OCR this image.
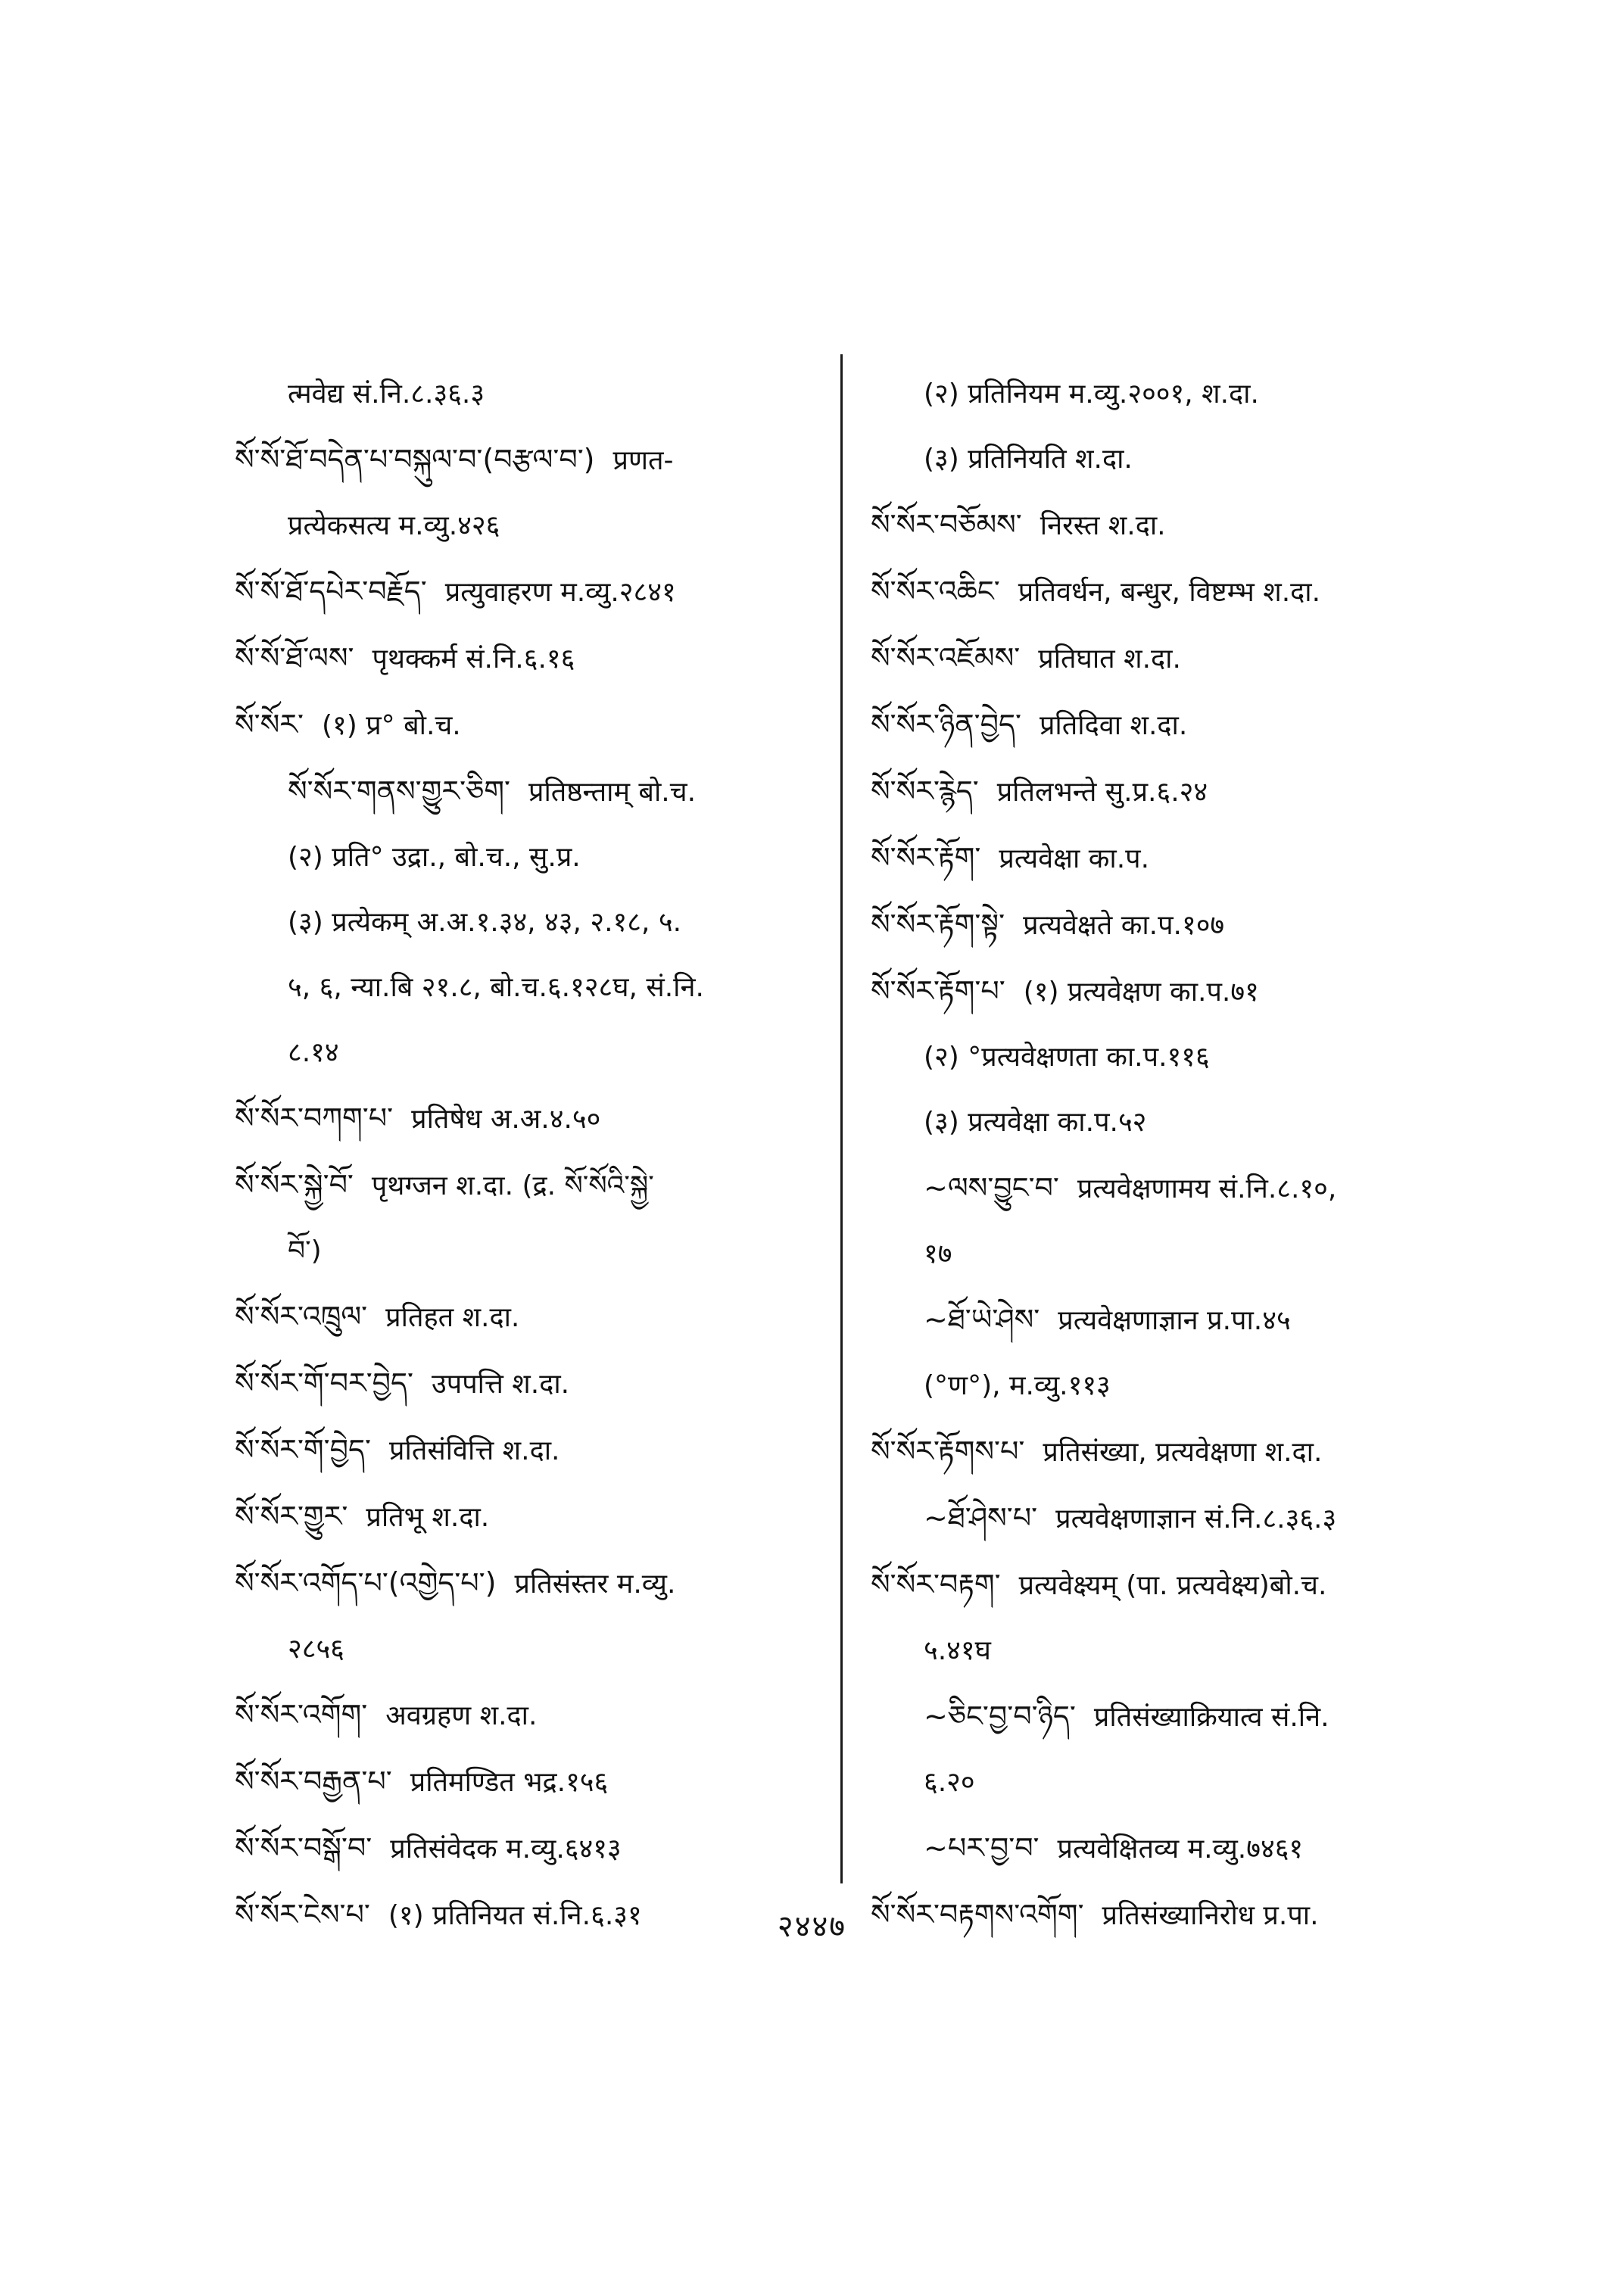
त्मवेद्य सं.नि.८.३६.३
སོ་སོ་ཐོ་བདེན་པ་བསྐུལ་བ་(བརྩལ་བ་) प्रणत-
प्रत्येकसत्य म.व्यु.४२६
སོ་སོ་ཐོ་དཔེར་བརྗོད་ प्रत्युवाहरण म.व्यु.२८४१
སོ་སོ་ཐོ་ལས་ पृथक्कर्म सं.नि.६.१६
སོ་སོར་ (१) प्र° बो.च.
སོ་སོར་གནས་གྱུར་ཅིག་ प्रतिष्ठन्ताम् बो.च.
(२) प्रति° उद्रा., बो.च., सु.प्र.
(३) प्रत्येकम् अ.अ.१.३४, ४३, २.१८, ५.
५, ६, न्या.बि २१.८, बो.च.६.१२८घ, सं.नि.
८.१४
སོ་སོར་བཀག་པ་ प्रतिषेध अ.अ.४.५०
སོ་སོར་སྐྱེ་བོ་ पृथग्जन श.दा. (द्र. སོ་སོའི་སྐྱེ་
བོ་)
སོ་སོར་འཁྲུལ་ प्रतिहत श.दा.
སོ་སོར་གོ་བར་བྱེད་ उपपत्ति श.दा.
སོ་སོར་གོ་བྱེད་ प्रतिसंवित्ति श.दा.
སོ་སོར་གྱུར་ प्रतिभू श.दा.
སོ་སོར་འགོད་པ་(འགྱེད་པ་) प्रतिसंस्तर म.व्यु.
२८५६
སོ་སོར་འགོག་ अवग्रहण श.दा.
སོ་སོར་བརྒྱན་པ་ प्रतिमण्डित भद्र.१५६
སོ་སོར་བསྒོ་བ་ प्रतिसंवेदक म.व्यु.६४१३
སོ་སོར་ངེས་པ་ (१) प्रतिनियत सं.नि.६.३१
(२) प्रतिनियम म.व्यु.२००१, श.दा.
(३) प्रतिनियति श.दा.
སོ་སོར་བཅོམས་ निरस्त श.दा.
སོ་སོར་འཆིང་ प्रतिवर्धन, बन्धुर, विष्टम्भ श.दा.
སོ་སོར་འཇོམས་ प्रतिघात श.दा.
སོ་སོར་ཉིན་བྱེད་ प्रतिदिवा श.दा.
སོ་སོར་རྙེད་ प्रतिलभन्ते सु.प्र.६.२४
སོ་སོར་རྟོག་ प्रत्यवेक्षा का.प.
སོ་སོར་རྟོག་སྟེ་ प्रत्यवेक्षते का.प.१०७
སོ་སོར་རྟོག་པ་ (१) प्रत्यवेक्षण का.प.७१
(२) °प्रत्यवेक्षणता का.प.११६
(३) प्रत्यवेक्षा का.प.५२
~ལས་བྱུང་བ་ प्रत्यवेक्षणामय सं.नि.८.१०,
१७
~ཐོ་ཡེ་ཤེས་ प्रत्यवेक्षणाज्ञान प्र.पा.४५
(°ण°), म.व्यु.११३
སོ་སོར་རྟོགས་པ་ प्रतिसंख्या, प्रत्यवेक्षणा श.दा.
~ཐོ་ཤེས་པ་ प्रत्यवेक्षणाज्ञान सं.नि.८.३६.३
སོ་སོར་བརྟག་ प्रत्यवेक्ष्यम् (पा. प्रत्यवेक्ष्य)बो.च.
५.४१घ
~ཅིང་བྱ་བ་ཉིད་ प्रतिसंख्याक्रियात्व सं.नि.
६.२०
~པར་བྱ་བ་ प्रत्यवेक्षितव्य म.व्यु.७४६१
སོ་སོར་བརྟགས་འགོག་ प्रतिसंख्यानिरोध प्र.पा.
२४४७
